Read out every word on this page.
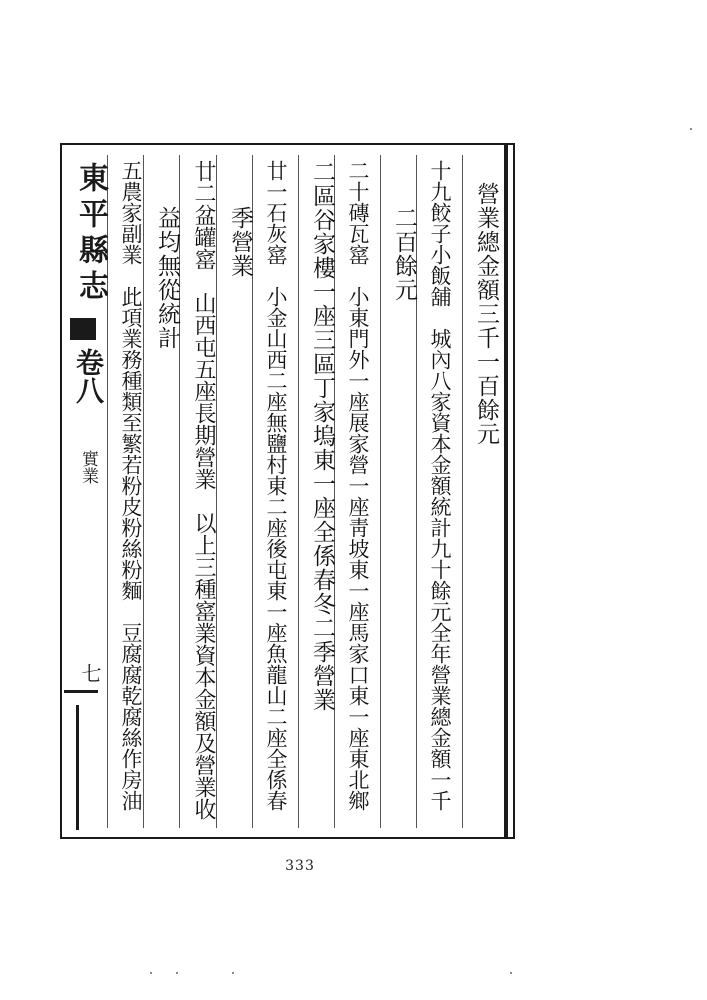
東平縣志
卷八
實業
七
營業總金額三千一百餘元
十九餃子小飯舖　城內八家資本金額統計九十餘元全年營業總金額一千
二百餘元
二十磚瓦窰　小東門外一座展家營一座靑坡東一座馬家口東一座東北鄉
二區谷家樓一座三區丁家塢東一座全係春冬二季營業
廿一石灰窰　小金山西二座無鹽村東二座後屯東一座魚龍山二座全係春
季營業
廿二盆罐窰　山西屯五座長期營業　以上三種窰業資本金額及營業收
益均無從統計
五農家副業　此項業務種類至繁若粉皮粉絲粉麵　豆腐腐乾腐絲作房油
333
